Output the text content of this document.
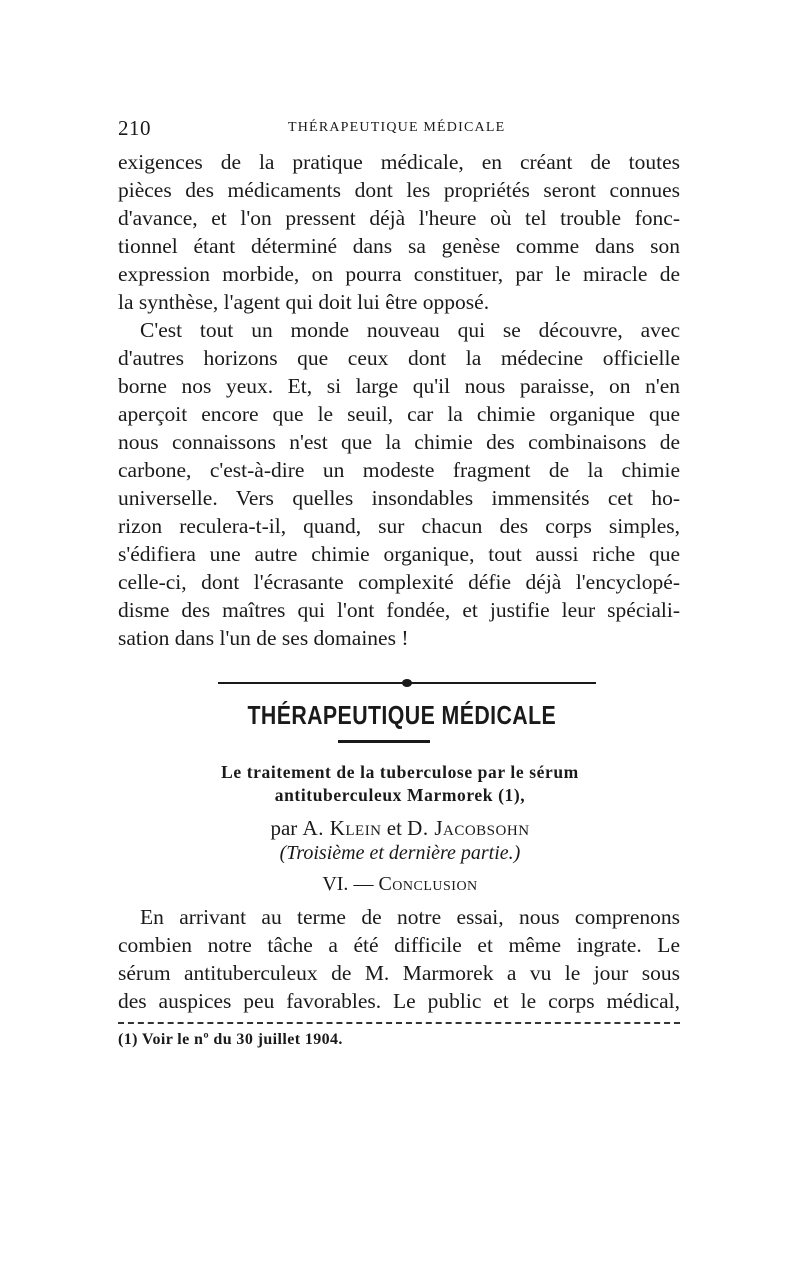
210	THÉRAPEUTIQUE MÉDICALE
exigences de la pratique médicale, en créant de toutes
pièces des médicaments dont les propriétés seront connues
d'avance, et l'on pressent déjà l'heure où tel trouble fonc-
tionnel étant déterminé dans sa genèse comme dans son
expression morbide, on pourra constituer, par le miracle de
la synthèse, l'agent qui doit lui être opposé.
C'est tout un monde nouveau qui se découvre, avec
d'autres horizons que ceux dont la médecine officielle
borne nos yeux. Et, si large qu'il nous paraisse, on n'en
aperçoit encore que le seuil, car la chimie organique que
nous connaissons n'est que la chimie des combinaisons de
carbone, c'est-à-dire un modeste fragment de la chimie
universelle. Vers quelles insondables immensités cet ho-
rizon reculera-t-il, quand, sur chacun des corps simples,
s'édifiera une autre chimie organique, tout aussi riche que
celle-ci, dont l'écrasante complexité défie déjà l'encyclopé-
disme des maîtres qui l'ont fondée, et justifie leur spéciali-
sation dans l'un de ses domaines !
THÉRAPEUTIQUE MÉDICALE
Le traitement de la tuberculose par le sérum
antituberculeux Marmorek (1),
par A. Klein et D. Jacobsohn
(Troisième et dernière partie.)
VI. — Conclusion
En arrivant au terme de notre essai, nous comprenons
combien notre tâche a été difficile et même ingrate. Le
sérum antituberculeux de M. Marmorek a vu le jour sous
des auspices peu favorables. Le public et le corps médical,
(1) Voir le nº du 30 juillet 1904.
